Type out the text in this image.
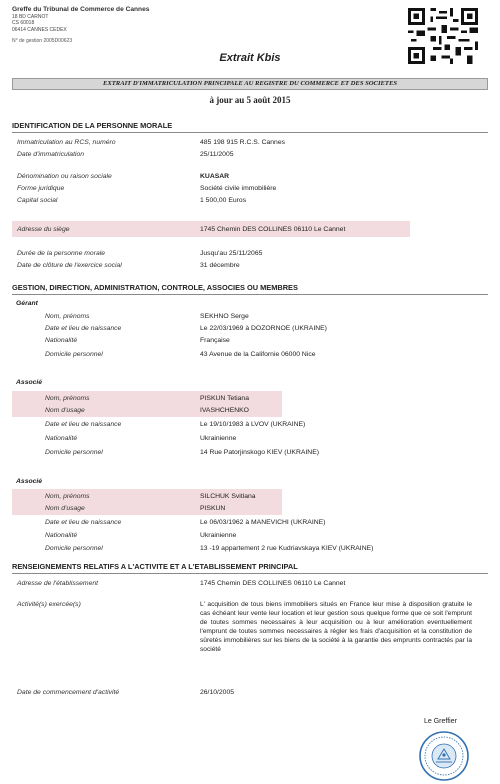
Greffe du Tribunal de Commerce de Cannes
18 BD CARNOT
CS 60018
06414 CANNES CEDEX
N° de gestion 2005D00623
Extrait Kbis
EXTRAIT D'IMMATRICULATION PRINCIPALE AU REGISTRE DU COMMERCE ET DES SOCIETES
à jour au 5 août 2015
IDENTIFICATION DE LA PERSONNE MORALE
Immatriculation au RCS, numéro	485 198 915 R.C.S. Cannes
Date d'immatriculation	25/11/2005
Dénomination ou raison sociale	KUASAR
Forme juridique	Société civile immobilière
Capital social	1 500,00 Euros
Adresse du siège	1745 Chemin DES COLLINES 06110 Le Cannet
Durée de la personne morale	Jusqu'au 25/11/2065
Date de clôture de l'exercice social	31 décembre
GESTION, DIRECTION, ADMINISTRATION, CONTROLE, ASSOCIES OU MEMBRES
Gérant
Nom, prénoms	SEKHNO Serge
Date et lieu de naissance	Le 22/03/1969 à DOZORNOE (UKRAINE)
Nationalité	Française
Domicile personnel	43 Avenue de la Californie 06000 Nice
Associé
Nom, prénoms	PISKUN Tetiana
Nom d'usage	IVASHCHENKO
Date et lieu de naissance	Le 19/10/1983 à LVOV (UKRAINE)
Nationalité	Ukrainienne
Domicile personnel	14 Rue Patorjinskogo KIEV (UKRAINE)
Associé
Nom, prénoms	SILCHUK Svitlana
Nom d'usage	PISKUN
Date et lieu de naissance	Le 06/03/1962 à MANEVICHI (UKRAINE)
Nationalité	Ukrainienne
Domicile personnel	13 -19 appartement 2 rue Kudriavskaya KIEV (UKRAINE)
RENSEIGNEMENTS RELATIFS A L'ACTIVITE ET A L'ETABLISSEMENT PRINCIPAL
Adresse de l'établissement	1745 Chemin DES COLLINES 06110 Le Cannet
Activité(s) exercée(s)	L' acquisition de tous biens immobiliers situés en France leur mise à disposition gratuite le cas échéant leur vente leur location et leur gestion sous quelque forme que ce soit l'emprunt de toutes sommes necessaires à leur acquisition ou à leur amélioration eventuellement l'emprunt de toutes sommes necessaires à régler les frais d'acquisition et la constitution de sûretés immobilières sur les biens de la société à la garantie des emprunts contractés par la société
Date de commencement d'activité	26/10/2005
Le Greffier
